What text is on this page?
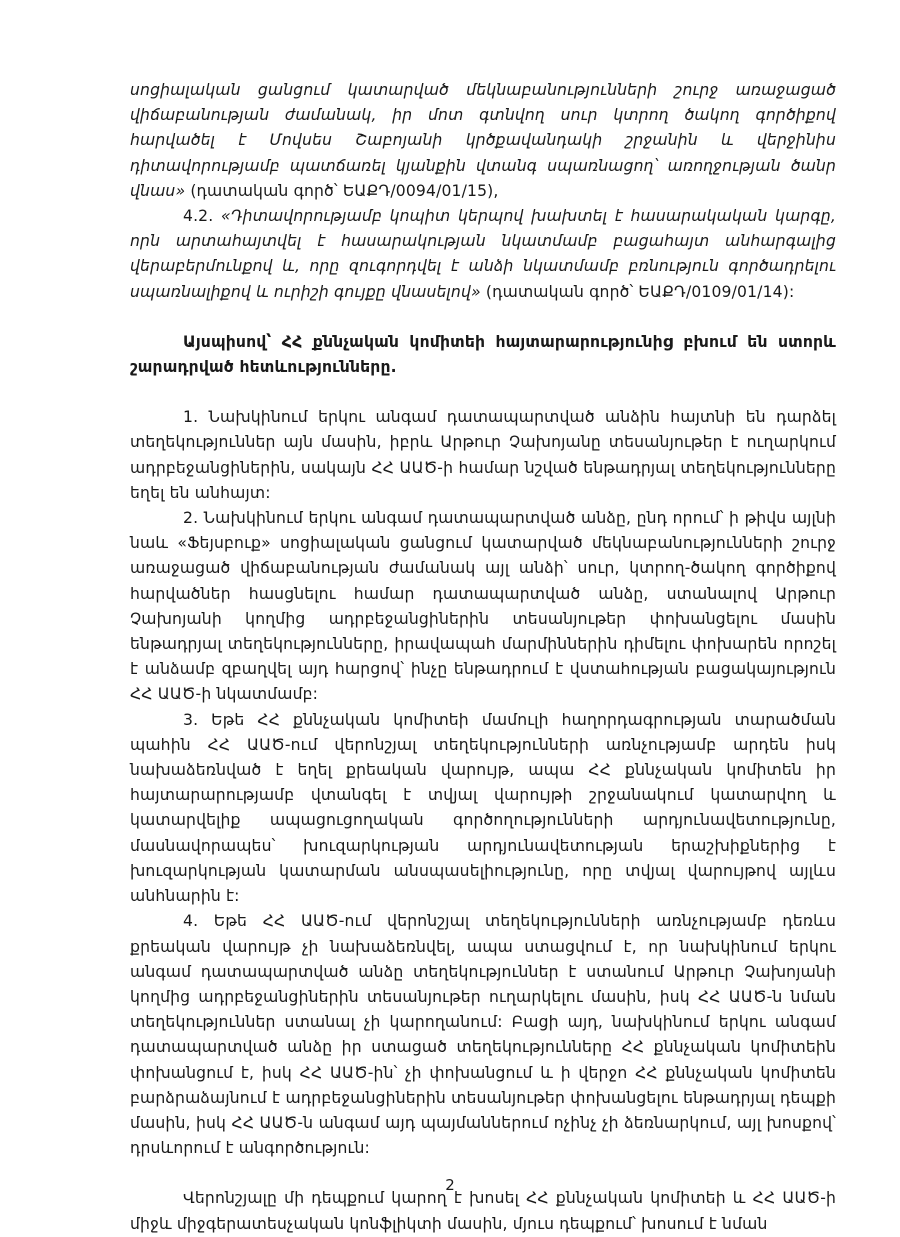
սոցիալական ցանցում կատարված մեկնաբանությունների շուրջ առաջացած վիճաբանության ժամանակ, իր մոտ գտնվող սուր կտրող ծակող գործիքով հարվածել է Մովսես Շաբոյանի կրծքավանդակի շրջանին և վերջինիս դիտավորությամբ պատճառել կյանքին վտանգ սպառնացող՝ առողջության ծանր վնաս» (դատական գործ՝ ԵԱՔԴ/0094/01/15),

4.2. «Դիտավորությամբ կոպիտ կերպով խախտել է հասարակական կարգը, որն արտահայտվել է հասարակության նկատմամբ բացահայտ անհարգալից վերաբերմունքով և, որը զուգորդվել է անձի նկատմամբ բռնություն գործադրելու սպառնալիքով և ուրիշի գույքը վնասելով» (դատական գործ՝ ԵԱՔԴ/0109/01/14):

Այսպիսով՝ ՀՀ քննչական կոմիտեի հայտարարությունից բխում են ստորև շարադրված հետևությունները.

1. Նախկինում երկու անգամ դատապարտված անձին հայտնի են դարձել տեղեկություններ այն մասին, իբրև Արթուր Չախոյանը տեսանյութեր է ուղարկում ադրբեջանցիներին, սակայն ՀՀ ԱԱԾ-ի համար նշված ենթադրյալ տեղեկությունները եղել են անհայտ:

2. Նախկինում երկու անգամ դատապարտված անձը, ընդ որում՝ ի թիվս այլնի նաև «Ֆեյսբուք» սոցիալական ցանցում կատարված մեկնաբանությունների շուրջ առաջացած վիճաբանության ժամանակ այլ անձի՝ սուր, կտրող-ծակող գործիքով հարվածներ հասցնելու համար դատապարտված անձը, ստանալով Արթուր Չախոյանի կողմից ադրբեջանցիներին տեսանյութեր փոխանցելու մասին ենթադրյալ տեղեկությունները, իրավապահ մարմիններին դիմելու փոխարեն որոշել է անձամբ զբաղվել այդ հարցով՝ ինչը ենթադրում է վստահության բացակայություն ՀՀ ԱԱԾ-ի նկատմամբ:

3. Եթե ՀՀ քննչական կոմիտեի մամուլի հաղորդագրության տարածման պահին ՀՀ ԱԱԾ-ում վերոնշյալ տեղեկությունների առնչությամբ արդեն իսկ նախաձեռնված է եղել քրեական վարույթ, ապա ՀՀ քննչական կոմիտեն իր հայտարարությամբ վտանգել է տվյալ վարույթի շրջանակում կատարվող և կատարվելիք ապացուցողական գործողությունների արդյունավետությունը, մասնավորապես՝ խուզարկության արդյունավետության երաշխիքներից է խուզարկության կատարման անսպասելիությունը, որը տվյալ վարույթով այլևս անհնարին է:

4. Եթե ՀՀ ԱԱԾ-ում վերոնշյալ տեղեկությունների առնչությամբ դեռևս քրեական վարույթ չի նախաձեռնվել, ապա ստացվում է, որ նախկինում երկու անգամ դատապարտված անձը տեղեկություններ է ստանում Արթուր Չախոյանի կողմից ադրբեջանցիներին տեսանյութեր ուղարկելու մասին, իսկ ՀՀ ԱԱԾ-ն նման տեղեկություններ ստանալ չի կարողանում: Բացի այդ, նախկինում երկու անգամ դատապարտված անձը իր ստացած տեղեկությունները ՀՀ քննչական կոմիտեին փոխանցում է, իսկ ՀՀ ԱԱԾ-ին՝ չի փոխանցում և ի վերջո ՀՀ քննչական կոմիտեն բարձրաձայնում է ադրբեջանցիներին տեսանյութեր փոխանցելու ենթադրյալ դեպքի մասին, իսկ ՀՀ ԱԱԾ-ն անգամ այդ պայմաններում ոչինչ չի ձեռնարկում, այլ խոսքով՝ դրսևորում է անգործություն:

Վերոնշյալը մի դեպքում կարող է խոսել ՀՀ քննչական կոմիտեի և ՀՀ ԱԱԾ-ի միջև միջգերատեսչական կոնֆլիկտի մասին, մյուս դեպքում՝ խոսում է նման

2
